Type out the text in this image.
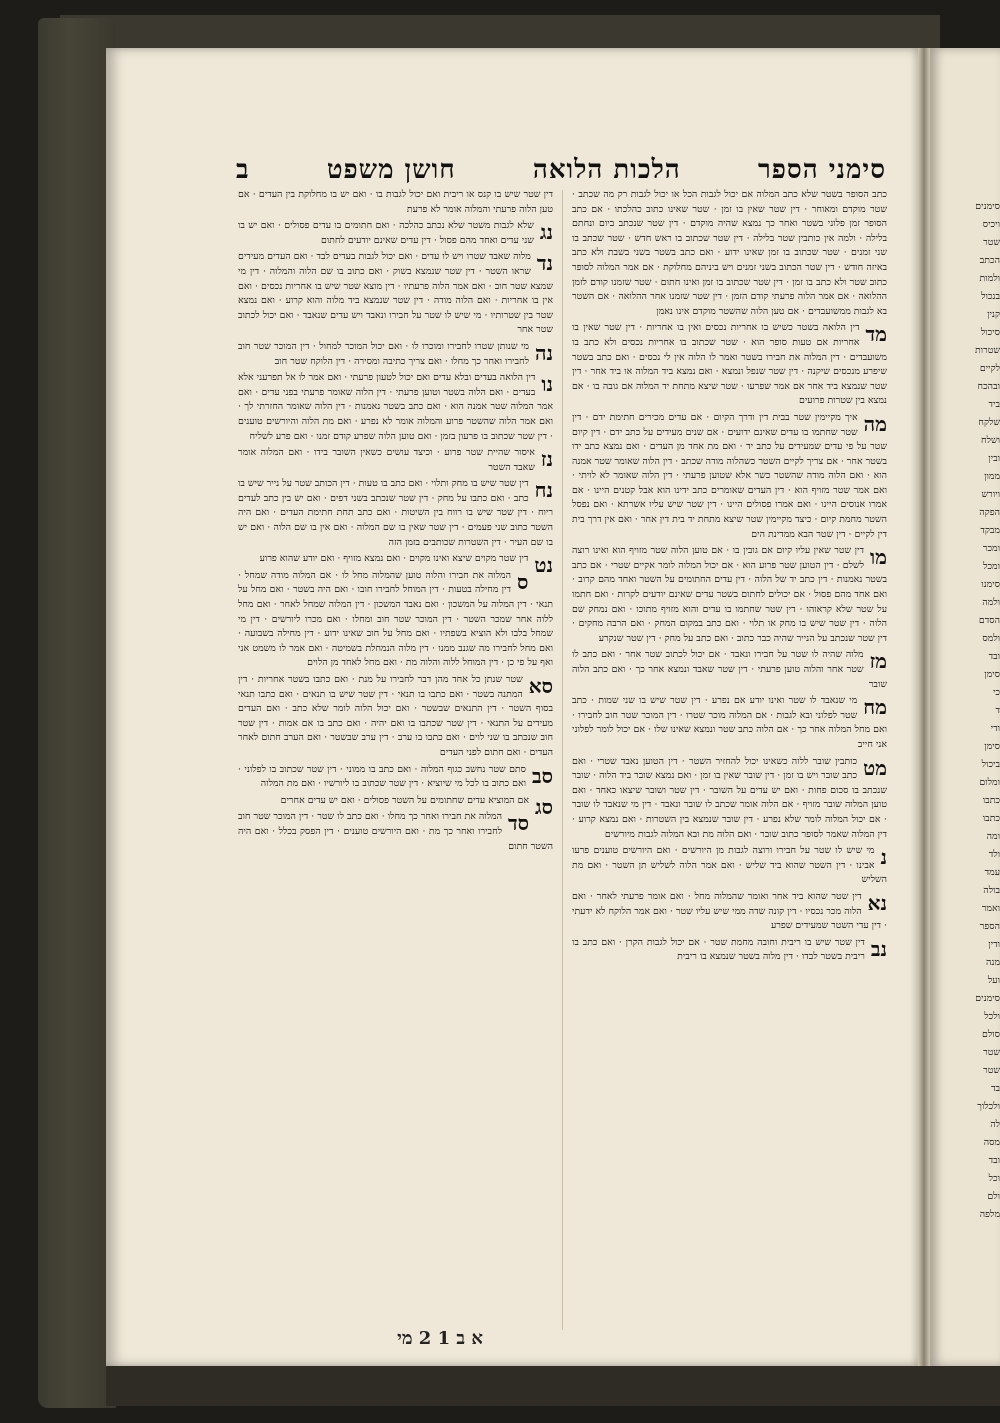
סימנים
ויכיס
שטר
הכתב
ולמות
בנכול
קנין
סיכול
שטרות
לקיים
ובהכח
ביד
שלקח
ושלח
ובין
ממון
ויורש
הפקה
מבקד
ומכר
ומכל
סימנו
ולמה
הסדם
ולמס
ובד
סימן
כי
ד
ודי
סימן
ביכול
ומלום
כתבו
כתבו
ומה
ולד
עמד
בולה
ואמר
הספר
ודין
מנה
ועל
סימנים
ולכל
סולם
שטר
שטר
בד
ולכלוך
לה
מסה
ובד
וכל
ולם
מלפה
סימני הספר
הלכות הלואה
חושן משפט
ב

כתב הסופר בשטר שלא כתב המלוה אם יכול לגבות הכל או יכול לגבות רק מה שכתב · שטר מוקדם ומאוחר · דין שטר שאין בו זמן · שטר שאינו כתוב כהלכתו · אם כתב הסופר זמן פלוני בשטר ואחר כך נמצא שהיה מוקדם · דין שטר שנכתב ביום ונחתם בלילה · ולמה אין כותבין שטר בלילה · דין שטר שכתוב בו ראש חדש · שטר שכתב בו שני זמנים · שטר שכתוב בו זמן שאינו ידוע · ואם כתב בשטר בשני בשבת ולא כתב באיזה חודש · דין שטר הכתוב בשני זמנים ויש ביניהם מחלוקת · אם אמר המלוה לסופר כתוב שטר ולא כתב בו זמן · דין שטר שכתוב בו זמן ואינו חתום · שטר שזמנו קודם לזמן ההלואה · אם אמר הלוה פרעתי קודם הזמן · דין שטר שזמנו אחר ההלואה · אם השטר בא לגבות ממשועבדים · אם טען הלוה שהשטר מוקדם אינו נאמן

מד

דין הלואה בשטר כשיש בו אחריות נכסים ואין בו אחריות · דין שטר שאין בו אחריות אם טעות סופר הוא · שטר שכתוב בו אחריות נכסים ולא כתב בו משועבדים · דין המלוה את חבירו בשטר ואמר לו הלוה אין לי נכסים · ואם כתב בשטר שיפרע מנכסים שיקנה · דין שטר שנפל ונמצא · ואם נמצא ביד המלוה או ביד אחר · דין שטר שנמצא ביד אחר אם אמר שפרעו · שטר שיצא מתחת יד המלוה אם גובה בו · אם נמצא בין שטרות פרועים

מה

איך מקיימין שטר בבית דין ודרך הקיום · אם עדים מכירים חתימת ידם · דין שטר שחתמו בו עדים שאינם ידועים · אם שנים מעידים על כתב ידם · דין קיום שטר על פי עדים שמעידים על כתב יד · ואם מת אחד מן העדים · ואם נמצא כתב ידו בשטר אחר · אם צריך לקיים השטר כשהלוה מודה שכתב · דין הלוה שאומר שטר אמנה הוא · ואם הלוה מודה שהשטר כשר אלא שטוען פרעתי · דין הלוה שאומר לא לויתי · ואם אמר שטר מזויף הוא · דין העדים שאומרים כתב ידינו הוא אבל קטנים היינו · אם אמרו אנוסים היינו · ואם אמרו פסולים היינו · דין שטר שיש עליו אשרתא · ואם נפסל השטר מחמת קיום · כיצד מקיימין שטר שיצא מתחת יד בית דין אחר · ואם אין דרך בית דין לקיים · דין שטר הבא ממדינת הים

מו

דין שטר שאין עליו קיום אם גובין בו · אם טוען הלוה שטר מזויף הוא ואינו רוצה לשלם · דין הטוען שטר פרוע הוא · אם יכול המלוה לומר אקיים שטרי · אם כתב בשטר נאמנות · דין כתב יד של הלוה · דין עדים החתומים על השטר ואחד מהם קרוב · ואם אחד מהם פסול · אם יכולים לחתום בשטר עדים שאינם יודעים לקרות · ואם חתמו על שטר שלא קראוהו · דין שטר שחתמו בו עדים והוא מזויף מתוכו · ואם נמחק שם הלוה · דין שטר שיש בו מחק או תלוי · ואם כתב במקום המחק · ואם הרבה מחקים · דין שטר שנכתב על הנייר שהיה כבר כתוב · ואם כתב על מחק · דין שטר שנקרע

מז

מלוה שהיה לו שטר על חבירו ונאבד · אם יכול לכתוב שטר אחר · ואם כתב לו שטר אחר והלוה טוען פרעתי · דין שטר שאבד ונמצא אחר כך · ואם כתב הלוה שובר

מח

מי שנאבד לו שטר ואינו יודע אם נפרע · דין שטר שיש בו שני שמות · כתב שטר לפלוני ובא לגבות · אם המלוה מוכר שטרו · דין המוכר שטר חוב לחבירו · ואם מחל המלוה אחר כך · אם הלוה כתב שטר ונמצא שאינו שלו · אם יכול לומר לפלוני אני חייב

מט

כותבין שובר ללוה כשאינו יכול להחזיר השטר · דין הטוען נאבד שטרי · ואם כתב שובר ויש בו זמן · דין שובר שאין בו זמן · ואם נמצא שובר ביד הלוה · שובר שנכתב בו סכום פחות · ואם יש עדים על השובר · דין שטר ושובר שיצאו כאחד · ואם טוען המלוה שובר מזויף · אם הלוה אומר שכתב לו שובר ונאבד · דין מי שנאבד לו שובר · אם יכול המלוה לומר שלא נפרע · דין שובר שנמצא בין השטרות · ואם נמצא קרוע · דין המלוה שאמר לסופר כתוב שובר · ואם הלוה מת ובא המלוה לגבות מיורשים

נ

מי שיש לו שטר על חבירו ורוצה לגבות מן היורשים · ואם היורשים טוענים פרעו אבינו · דין השטר שהוא ביד שליש · ואם אמר הלוה לשליש תן השטר · ואם מת השליש

נא

דין שטר שהוא ביד אחר ואומר שהמלוה מחל · ואם אומר פרעתי לאחר · ואם הלוה מכר נכסיו · דין קונה שדה ממי שיש עליו שטר · ואם אמר הלוקח לא ידעתי · דין עדי השטר שמעידים שפרע

נב

דין שטר שיש בו ריבית וחובה מחמת שטר · אם יכול לגבות הקרן · ואם כתב בו ריבית בשטר לבדו · דין מלוה בשטר שנמצא בו ריבית

דין שטר שיש בו קנס או ריבית ואם יכול לגבות בו · ואם יש בו מחלוקת בין העדים · אם טען הלוה פרעתי והמלוה אומר לא פרעת

נג

שלא לגבות משטר שלא נכתב כהלכה · ואם חתומים בו עדים פסולים · ואם יש בו שני עדים ואחד מהם פסול · דין עדים שאינם יודעים לחתום

נד

מלוה שאבד שטרו ויש לו עדים · ואם יכול לגבות בעדים לבד · ואם העדים מעידים שראו השטר · דין שטר שנמצא בשוק · ואם כתוב בו שם הלוה והמלוה · דין מי שמצא שטר חוב · ואם אמר הלוה פרעתיו · דין מוצא שטר שיש בו אחריות נכסים · ואם אין בו אחריות · ואם הלוה מודה · דין שטר שנמצא ביד מלוה והוא קרוע · ואם נמצא שטר בין שטרותיו · מי שיש לו שטר על חבירו ונאבד ויש עדים שנאבד · ואם יכול לכתוב שטר אחר

נה

מי שנותן שטרו לחבירו ומוכרו לו · ואם יכול המוכר למחול · דין המוכר שטר חוב לחבירו ואחר כך מחלו · ואם צריך כתיבה ומסירה · דין הלוקח שטר חוב

נו

דין הלואה בעדים ובלא עדים ואם יכול לטעון פרעתי · ואם אמר לו אל תפרעני אלא בעדים · ואם הלוה בשטר וטוען פרעתי · דין הלוה שאומר פרעתי בפני עדים · ואם אמר המלוה שטר אמנה הוא · ואם כתב בשטר נאמנות · דין הלוה שאומר החזרתי לך · ואם אמר הלוה שהשטר פרוע והמלוה אומר לא נפרע · ואם מת הלוה והיורשים טוענים · דין שטר שכתוב בו פרעון בזמן · ואם טוען הלוה שפרע קודם זמנו · ואם פרע לשליח

נז

איסור שהיית שטר פרוע · וכיצד עושים כשאין השובר בידו · ואם המלוה אומר שאבד השטר

נח

דין שטר שיש בו מחק ותלוי · ואם כתב בו טעות · דין הכותב שטר על נייר שיש בו כתב · ואם כתבו על מחק · דין שטר שנכתב בשני דפים · ואם יש בין כתב לעדים ריוח · דין שטר שיש בו רווח בין השיטות · ואם כתב תחת חתימת העדים · ואם היה השטר כתוב שני פעמים · דין שטר שאין בו שם המלוה · ואם אין בו שם הלוה · ואם יש בו שם העיר · דין השטרות שכותבים בזמן הזה

נט

דין שטר מקוים שיצא ואינו מקוים · ואם נמצא מזויף · ואם יודע שהוא פרוע

ס

המלוה את חבירו והלוה טוען שהמלוה מחל לו · אם המלוה מודה שמחל · דין מחילה בטעות · דין המוחל לחבירו חובו · ואם היה בשטר · ואם מחל על תנאי · דין המלוה על המשכון · ואם נאבד המשכון · דין המלוה שמחל לאחר · ואם מחל ללוה אחר שמכר השטר · דין המוכר שטר חוב ומחלו · ואם מכרו ליורשים · דין מי שמחל בלבו ולא הוציא בשפתיו · ואם מחל על חוב שאינו ידוע · דין מחילה בשבועה · ואם מחל לחבירו מה שגנב ממנו · דין מלוה הנמחלת בשמיטה · ואם אמר לו משמט אני ואף על פי כן · דין המוחל ללוה והלוה מת · ואם מחל לאחד מן הלוים

סא

שטר שנתן כל אחד מהן דבר לחבירו על מנת · ואם כתבו בשטר אחריות · דין המתנה בשטר · ואם כתבו בו תנאי · דין שטר שיש בו תנאים · ואם כתבו תנאי בסוף השטר · דין התנאים שבשטר · ואם יכול הלוה לומר שלא כתב · ואם העדים מעידים על התנאי · דין שטר שכתבו בו ואם יהיה · ואם כתב בו אם אמות · דין שטר חוב שנכתב בו שני לוים · ואם כתבו בו ערב · דין ערב שבשטר · ואם הערב חתום לאחר העדים · ואם חתום לפני העדים

סב

סתם שטר נחשב כגוף המלוה · ואם כתב בו ממוני · דין שטר שכתוב בו לפלוני · ואם כתוב בו לכל מי שיוציא · דין שטר שכתוב בו ליורשיו · ואם מת המלוה

סג

אם המוציא עדים שחתומים על השטר פסולים · ואם יש עדים אחרים

סד

המלוה את חבירו ואחר כך מחלו · ואם כתב לו שטר · דין המוכר שטר חוב לחבירו ואחר כך מת · ואם היורשים טוענים · דין הפסק בכלל · ואם היה השטר חתום

א ב 1 2 מי
